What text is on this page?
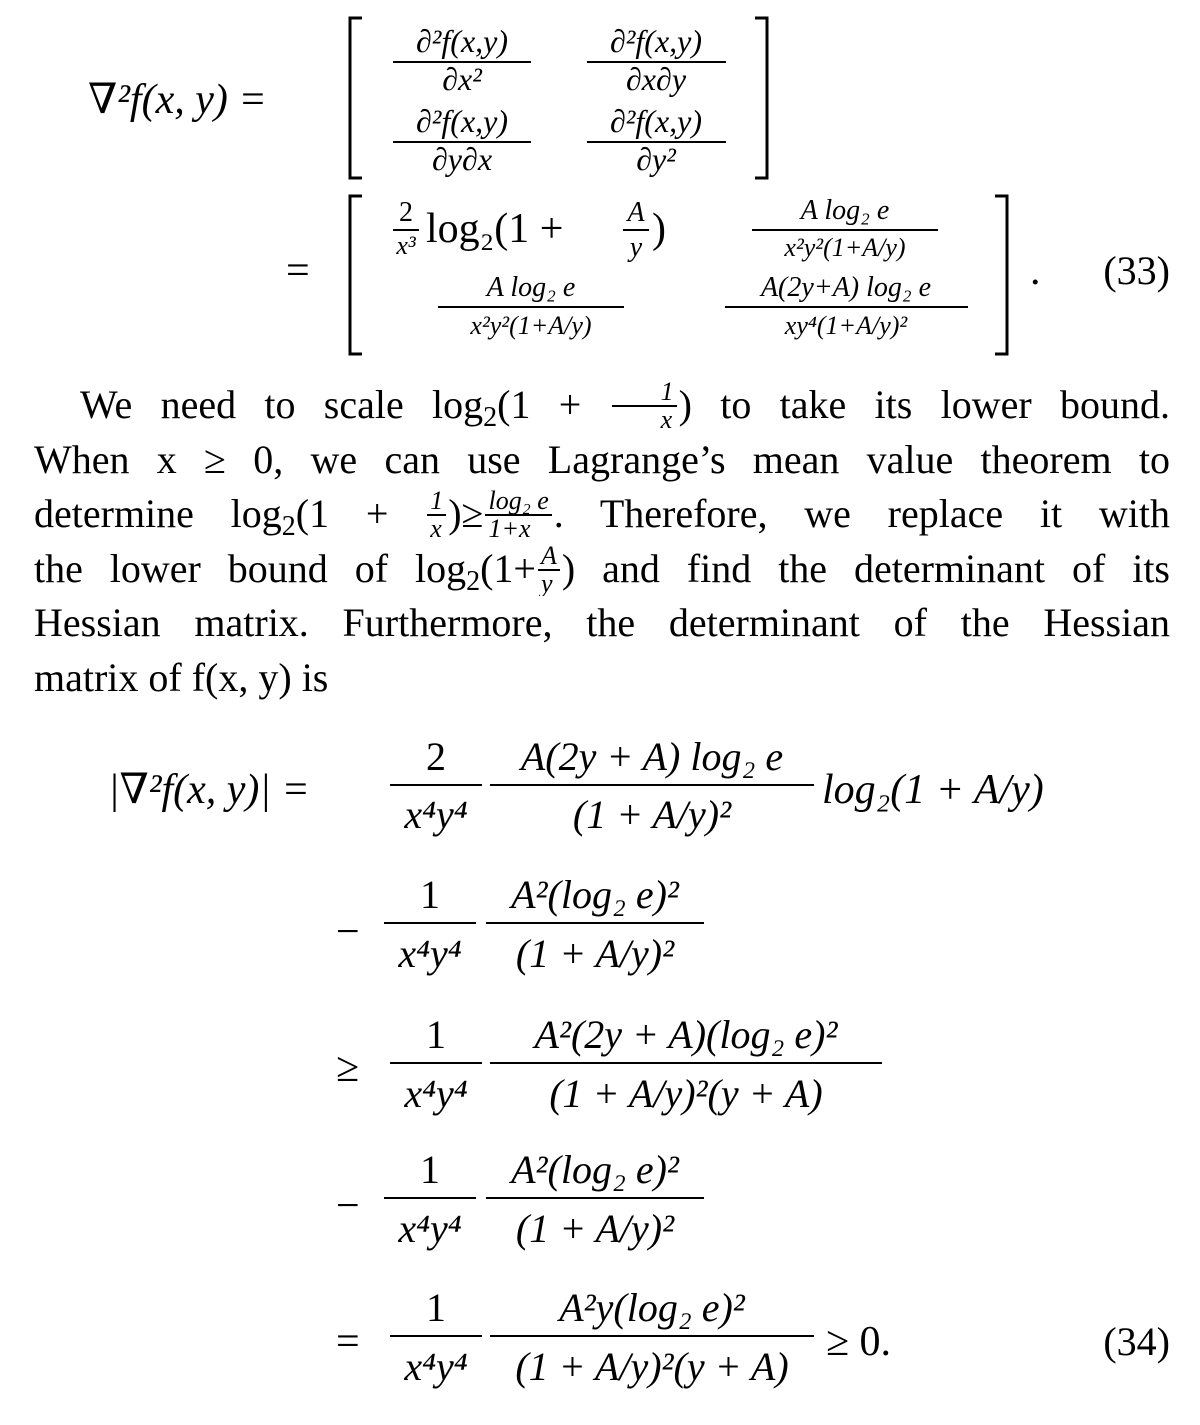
∇²f(x, y) =
∂²f(x,y)
∂x²
∂²f(x,y)
∂x∂y
∂²f(x,y)
∂y∂x
∂²f(x,y)
∂y²
=
2
x³ log₂(1 + A
y )	A log₂ e
x²y²(1+A/y)
A log₂ e
x²y²(1+A/y)
A(2y+A) log₂ e
xy⁴(1+A/y)²
. (33)
We need to scale $\log_2(1 + \frac{1}{x}$ ) to take its lower bound.
When x ≥ 0, we can use Lagrange’s mean value theorem to
determine $\log_2(1 + \frac{1}{x}$ )≥ $\frac{\text{log₂ e}}{1+x}$ . Therefore, we replace it with
the lower bound of $\log_2(1+ \frac{A}{y}$ ) and find the determinant of its
Hessian matrix. Furthermore, the determinant of the Hessian
matrix of f(x, y) is
|∇²f(x, y)| =
2
x⁴y⁴
A(2y + A) log₂ e
(1 + A/y)²
log₂(1 + A/y)
−
1
x⁴y⁴
A²(log₂ e)²
(1 + A/y)²
≥
1
x⁴y⁴
A²(2y + A)(log₂ e)²
(1 + A/y)²(y + A)
−
1
x⁴y⁴
A²(log₂ e)²
(1 + A/y)²
=
1
x⁴y⁴
A²y(log₂ e)²
(1 + A/y)²(y + A)
≥ 0.	(34)
